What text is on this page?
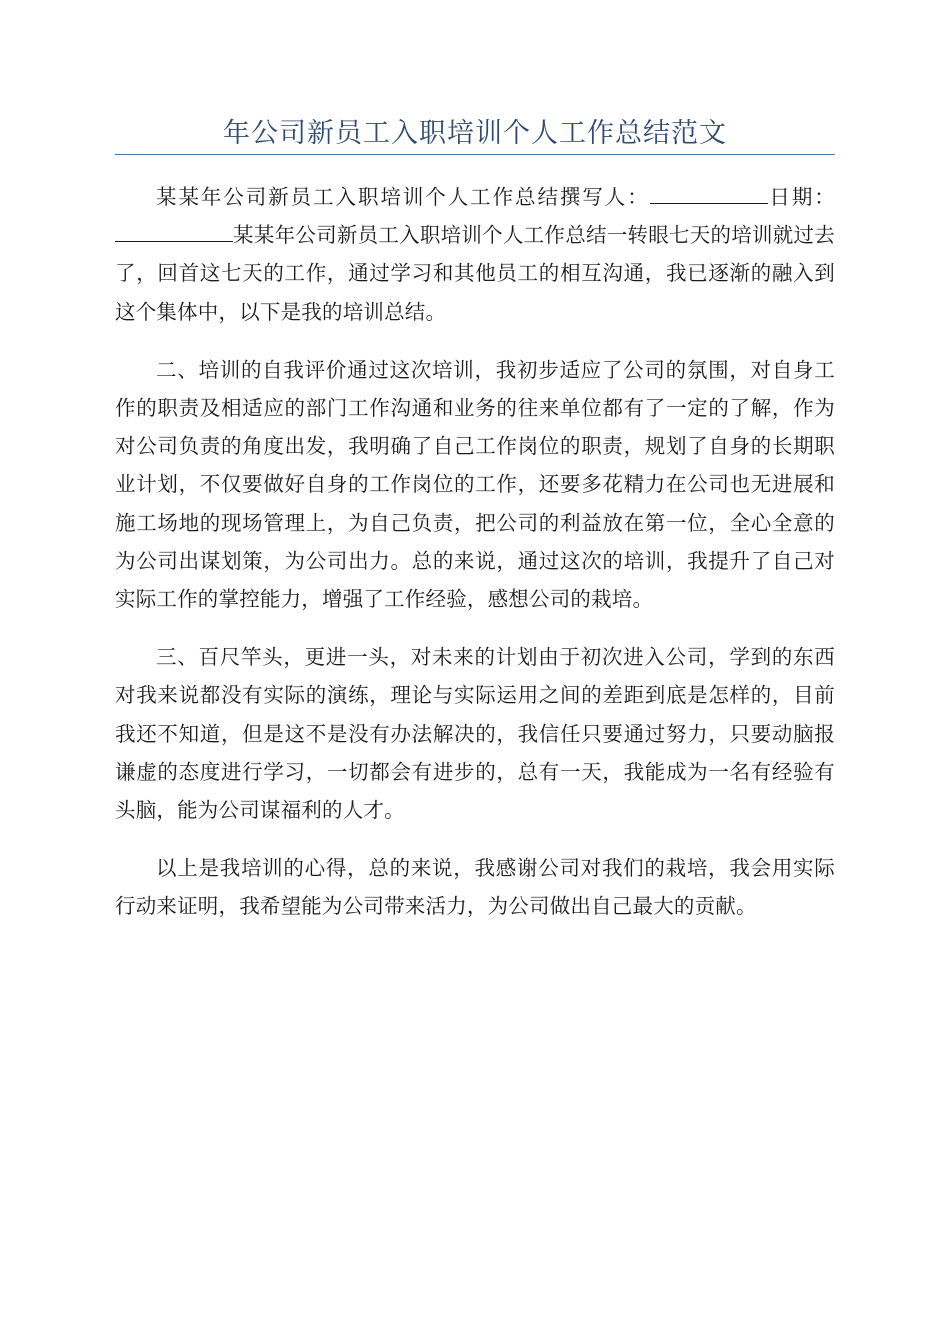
年公司新员工入职培训个人工作总结范文

某某年公司新员工入职培训个人工作总结撰写人：	日期：某某年公司新员工入职培训个人工作总结一转眼七天的培训就过去了，回首这七天的工作，通过学习和其他员工的相互沟通，我已逐渐的融入到这个集体中，以下是我的培训总结。

二、培训的自我评价通过这次培训，我初步适应了公司的氛围，对自身工作的职责及相适应的部门工作沟通和业务的往来单位都有了一定的了解，作为对公司负责的角度出发，我明确了自己工作岗位的职责，规划了自身的长期职业计划，不仅要做好自身的工作岗位的工作，还要多花精力在公司也无进展和施工场地的现场管理上，为自己负责，把公司的利益放在第一位，全心全意的为公司出谋划策，为公司出力。总的来说，通过这次的培训，我提升了自己对实际工作的掌控能力，增强了工作经验，感想公司的栽培。

三、百尺竿头，更进一头，对未来的计划由于初次进入公司，学到的东西对我来说都没有实际的演练，理论与实际运用之间的差距到底是怎样的，目前我还不知道，但是这不是没有办法解决的，我信任只要通过努力，只要动脑报谦虚的态度进行学习，一切都会有进步的，总有一天，我能成为一名有经验有头脑，能为公司谋福利的人才。

以上是我培训的心得，总的来说，我感谢公司对我们的栽培，我会用实际行动来证明，我希望能为公司带来活力，为公司做出自己最大的贡献。
